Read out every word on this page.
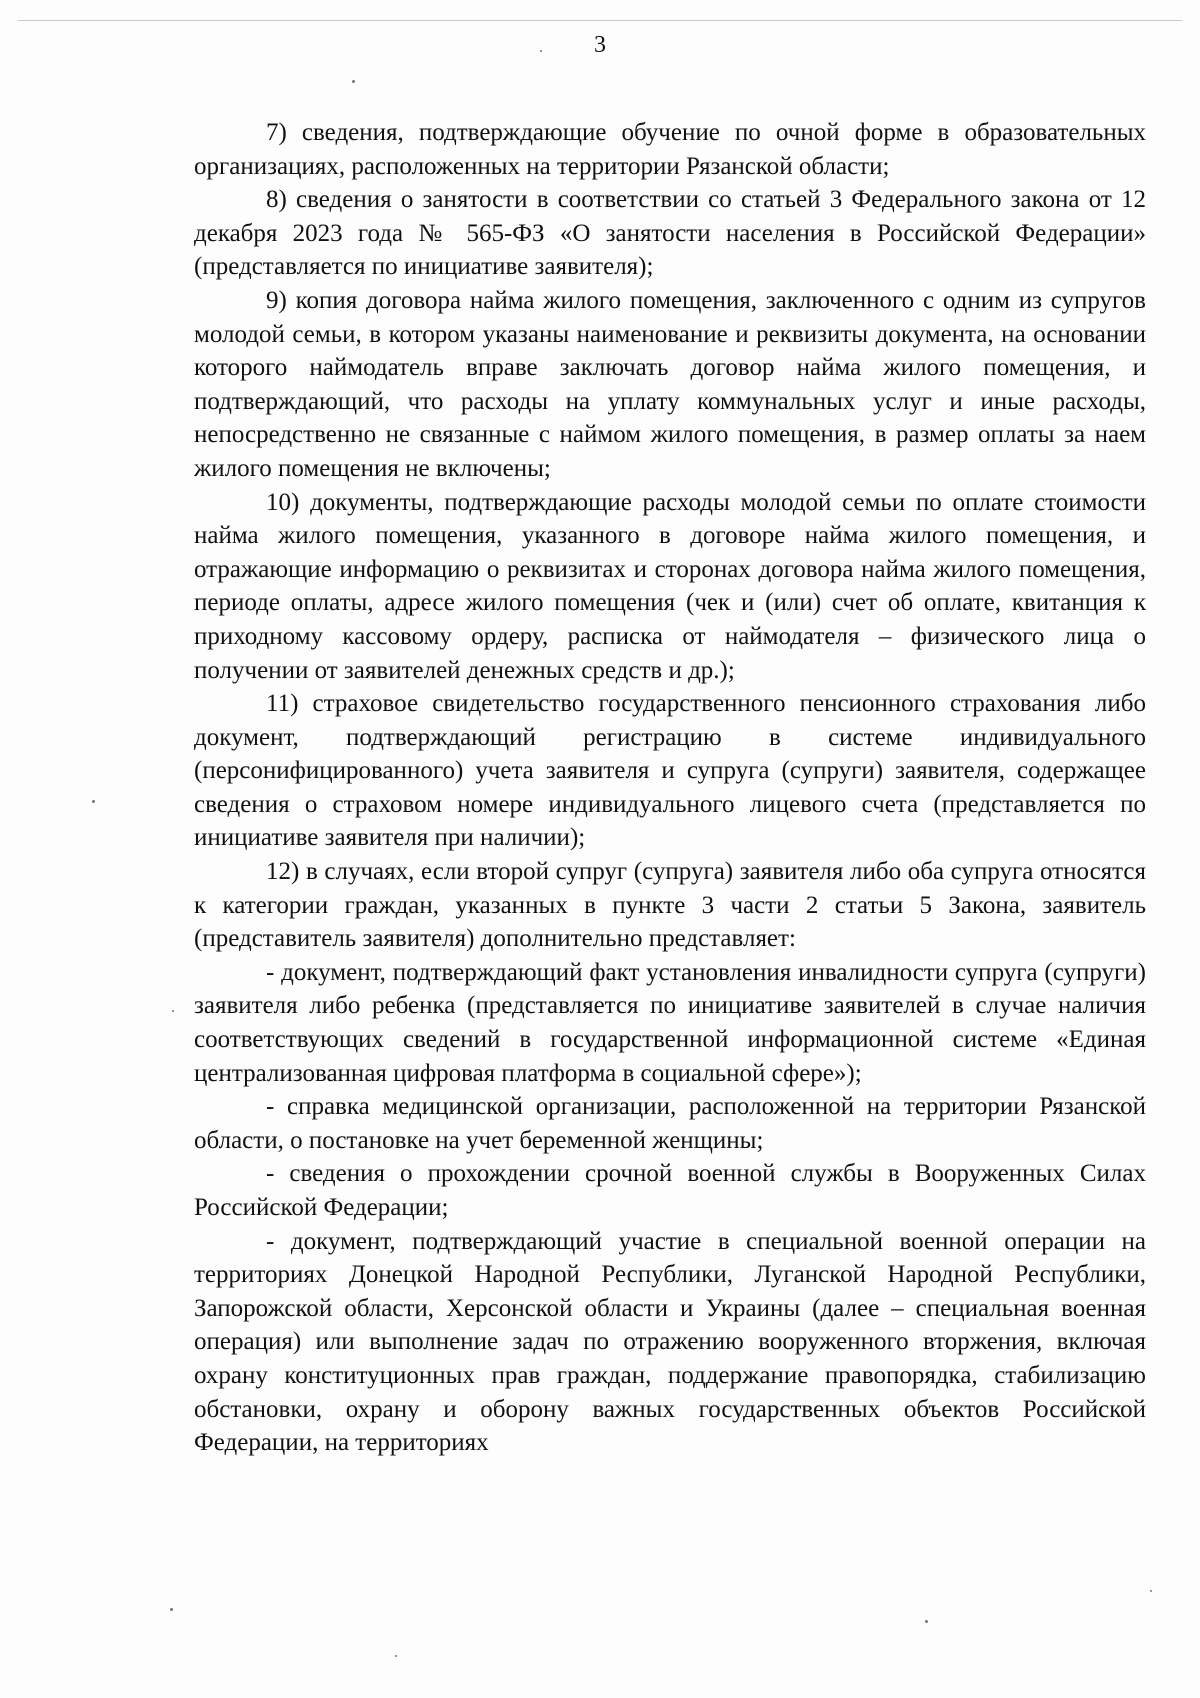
3

7) сведения, подтверждающие обучение по очной форме в образовательных организациях, расположенных на территории Рязанской области;

8) сведения о занятости в соответствии со статьей 3 Федерального закона от 12 декабря 2023 года № 565-ФЗ «О занятости населения в Российской Федерации» (представляется по инициативе заявителя);

9) копия договора найма жилого помещения, заключенного с одним из супругов молодой семьи, в котором указаны наименование и реквизиты документа, на основании которого наймодатель вправе заключать договор найма жилого помещения, и подтверждающий, что расходы на уплату коммунальных услуг и иные расходы, непосредственно не связанные с наймом жилого помещения, в размер оплаты за наем жилого помещения не включены;

10) документы, подтверждающие расходы молодой семьи по оплате стоимости найма жилого помещения, указанного в договоре найма жилого помещения, и отражающие информацию о реквизитах и сторонах договора найма жилого помещения, периоде оплаты, адресе жилого помещения (чек и (или) счет об оплате, квитанция к приходному кассовому ордеру, расписка от наймодателя – физического лица о получении от заявителей денежных средств и др.);

11) страховое свидетельство государственного пенсионного страхования либо документ, подтверждающий регистрацию в системе индивидуального (персонифицированного) учета заявителя и супруга (супруги) заявителя, содержащее сведения о страховом номере индивидуального лицевого счета (представляется по инициативе заявителя при наличии);

12) в случаях, если второй супруг (супруга) заявителя либо оба супруга относятся к категории граждан, указанных в пункте 3 части 2 статьи 5 Закона, заявитель (представитель заявителя) дополнительно представляет:

- документ, подтверждающий факт установления инвалидности супруга (супруги) заявителя либо ребенка (представляется по инициативе заявителей в случае наличия соответствующих сведений в государственной информационной системе «Единая централизованная цифровая платформа в социальной сфере»);

- справка медицинской организации, расположенной на территории Рязанской области, о постановке на учет беременной женщины;

- сведения о прохождении срочной военной службы в Вооруженных Силах Российской Федерации;

- документ, подтверждающий участие в специальной военной операции на территориях Донецкой Народной Республики, Луганской Народной Республики, Запорожской области, Херсонской области и Украины (далее – специальная военная операция) или выполнение задач по отражению вооруженного вторжения, включая охрану конституционных прав граждан, поддержание правопорядка, стабилизацию обстановки, охрану и оборону важных государственных объектов Российской Федерации, на территориях
